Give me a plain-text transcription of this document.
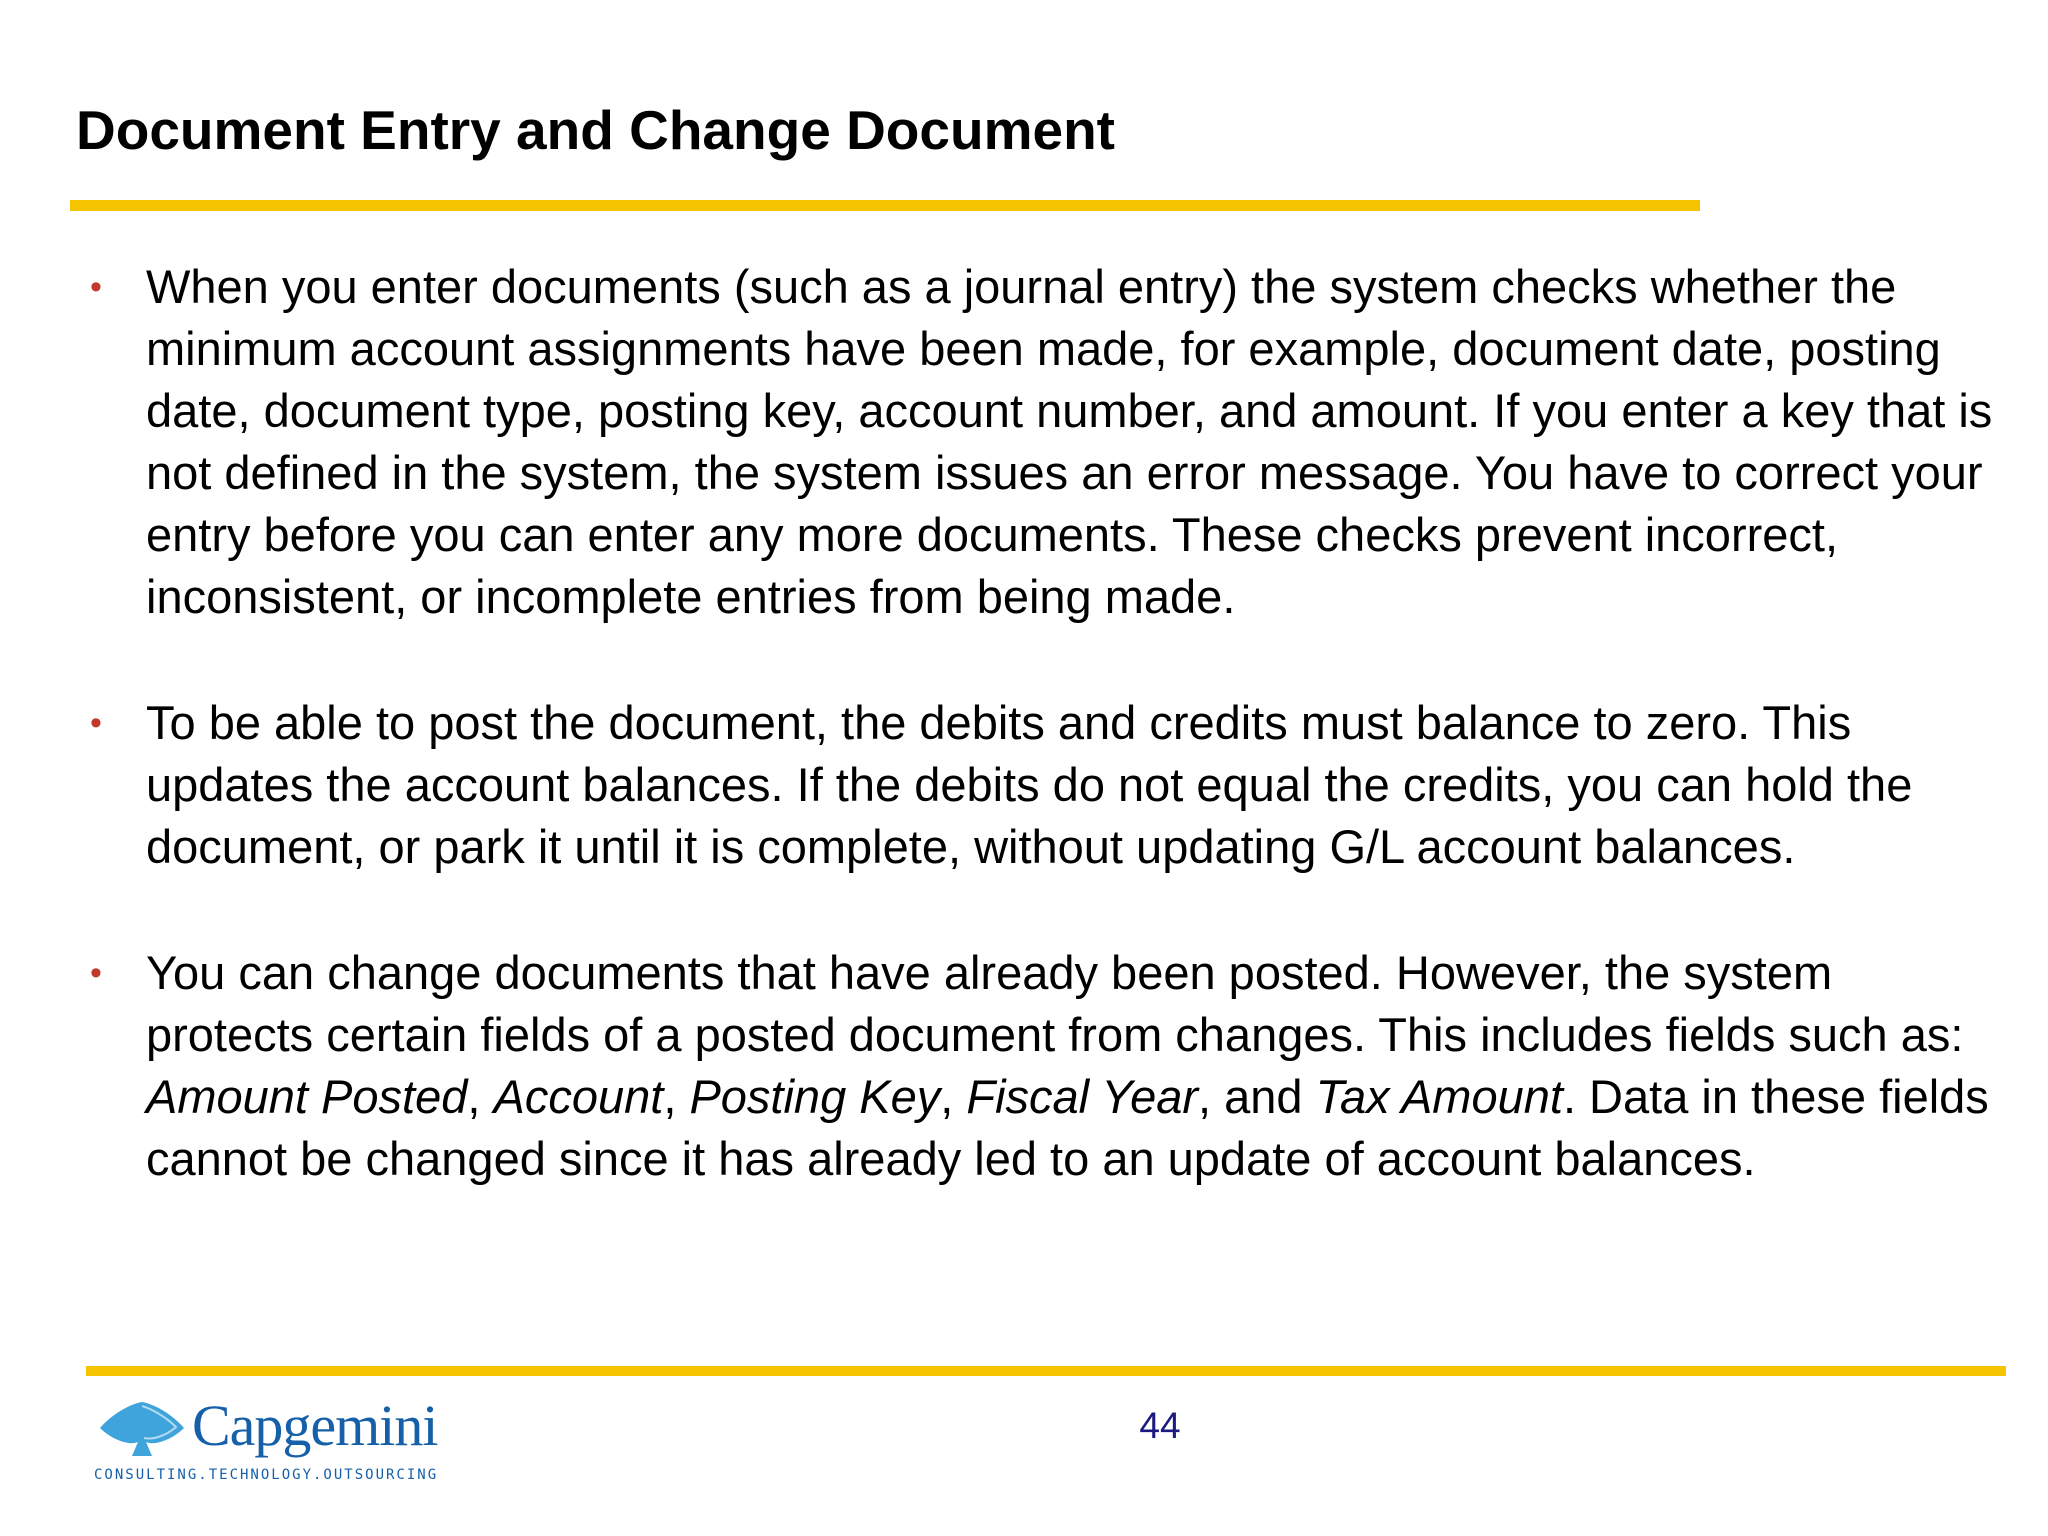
Document Entry and Change Document
• When you enter documents (such as a journal entry) the system checks whether the minimum account assignments have been made, for example, document date, posting date, document type, posting key, account number, and amount. If you enter a key that is not defined in the system, the system issues an error message. You have to correct your entry before you can enter any more documents. These checks prevent incorrect, inconsistent, or incomplete entries from being made.
• To be able to post the document, the debits and credits must balance to zero. This updates the account balances. If the debits do not equal the credits, you can hold the document, or park it until it is complete, without updating G/L account balances.
• You can change documents that have already been posted. However, the system protects certain fields of a posted document from changes. This includes fields such as: Amount Posted, Account, Posting Key, Fiscal Year, and Tax Amount. Data in these fields cannot be changed since it has already led to an update of account balances.
Capgemini
CONSULTING.TECHNOLOGY.OUTSOURCING
44
